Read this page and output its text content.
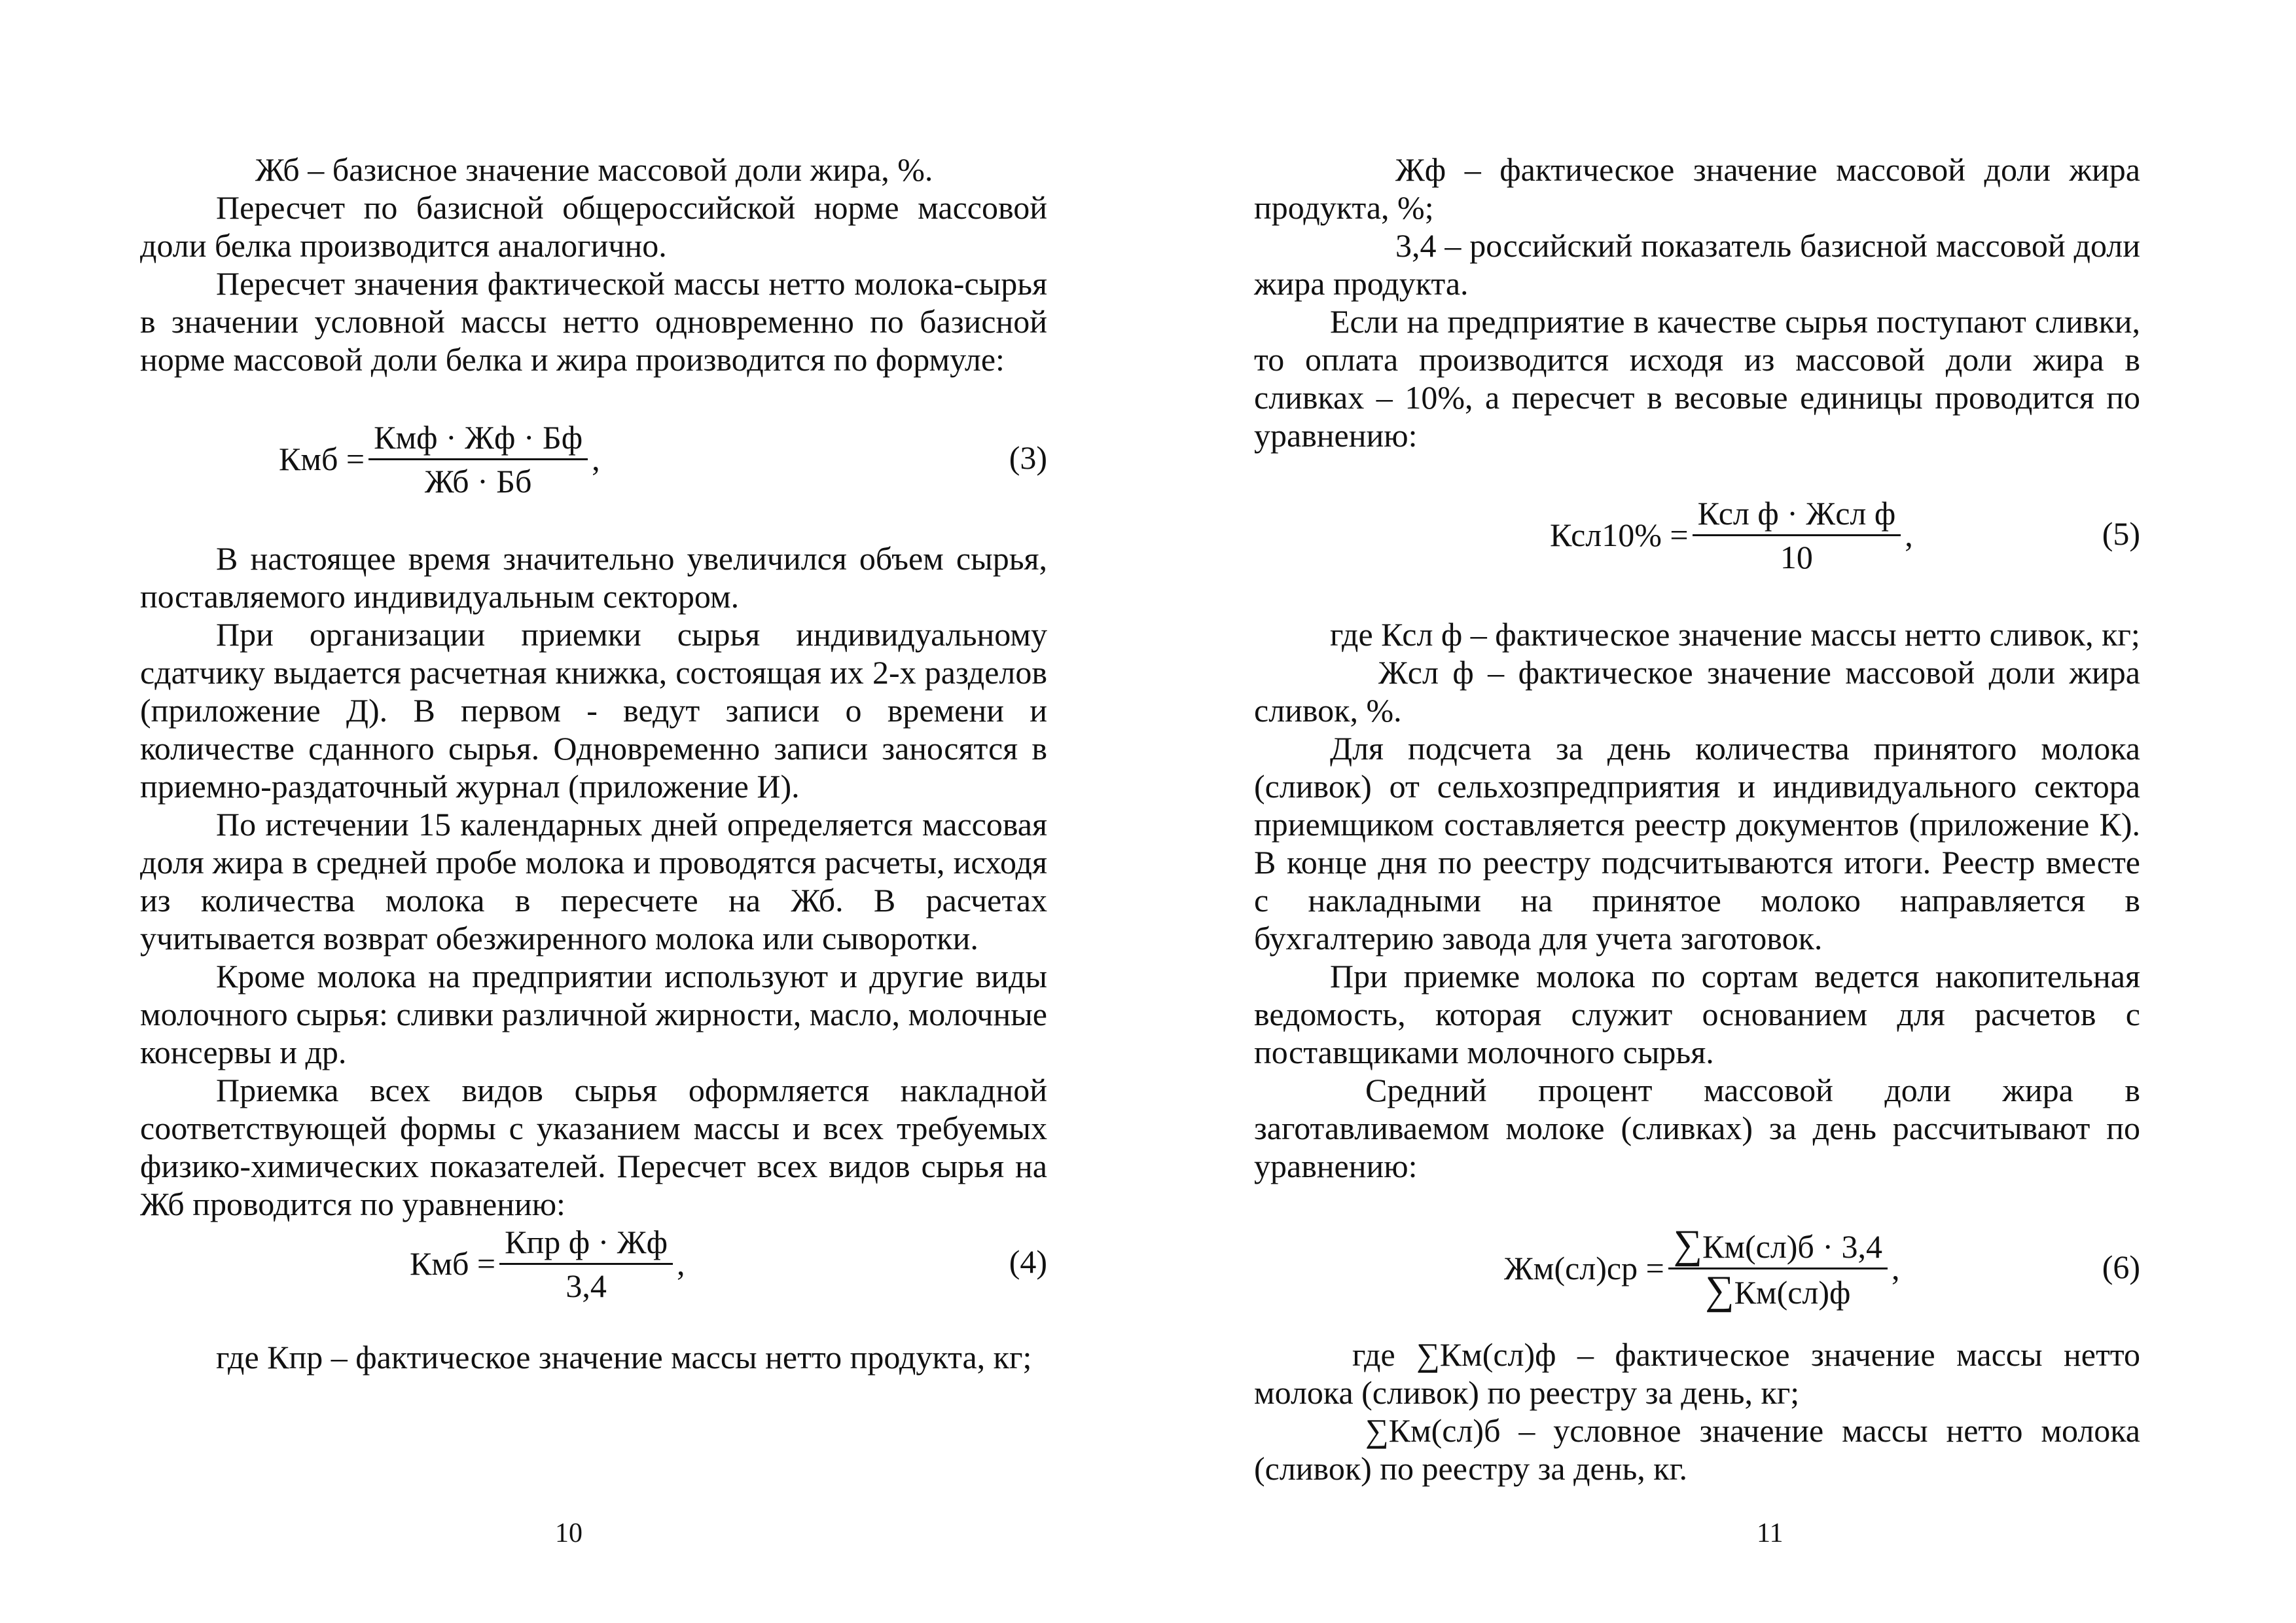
Жб – базисное значение массовой доли жира, %.

Пересчет по базисной общероссийской норме массовой доли белка производится аналогично.

Пересчет значения фактической массы нетто молока-сырья в значении условной массы нетто одновременно по базисной норме массовой доли белка и жира производится по формуле:

Кмб = $\frac{\text{Кмф · Жф · Бф}}{Жб \cdot Бб}$ ,	(3)

В настоящее время значительно увеличился объем сырья, поставляемого индивидуальным сектором.

При организации приемки сырья индивидуальному сдатчику выдается расчетная книжка, состоящая их 2-х разделов (приложение Д). В первом - ведут записи о времени и количестве сданного сырья. Одновременно записи заносятся в приемно-раздаточный журнал (приложение И).

По истечении 15 календарных дней определяется массовая доля жира в средней пробе молока и проводятся расчеты, исходя из количества молока в пересчете на Жб. В расчетах учитывается возврат обезжиренного молока или сыворотки.

Кроме молока на предприятии используют и другие виды молочного сырья: сливки различной жирности, масло, молочные консервы и др.

Приемка всех видов сырья оформляется накладной соответствующей формы с указанием массы и всех требуемых физико-химических показателей. Пересчет всех видов сырья на Жб проводится по уравнению:

Кмб = $\frac{\text{Кпр ф · Жф}}{3,4}$ ,	(4)

где Кпр – фактическое значение массы нетто продукта, кг;

10

Жф – фактическое значение массовой доли жира продукта, %;

3,4 – российский показатель базисной массовой доли жира продукта.

Если на предприятие в качестве сырья поступают сливки, то оплата производится исходя из массовой доли жира в сливках – 10%, а пересчет в весовые единицы проводится по уравнению:

$Ксл10\% = \frac{\text{Ксл ф · Жсл ф}}{10}$ ,	(5)

где Ксл ф – фактическое значение массы нетто сливок, кг;

Жсл ф – фактическое значение массовой доли жира сливок, %.

Для подсчета за день количества принятого молока (сливок) от сельхозпредприятия и индивидуального сектора приемщиком составляется реестр документов (приложение К). В конце дня по реестру подсчитываются итоги. Реестр вместе с накладными на принятое молоко направляется в бухгалтерию завода для учета заготовок.

При приемке молока по сортам ведется накопительная ведомость, которая служит основанием для расчетов с поставщиками молочного сырья.

Средний процент массовой доли жира в заготавливаемом молоке (сливках) за день рассчитывают по уравнению:

$Жм(сл)ср = \frac{\sum Км(сл)б \cdot 3,4}{\sum Км(сл)ф}$ ,	(6)

где ∑Км(сл)ф – фактическое значение массы нетто молока (сливок) по реестру за день, кг;

∑Км(сл)б – условное значение массы нетто молока (сливок) по реестру за день, кг.

11
